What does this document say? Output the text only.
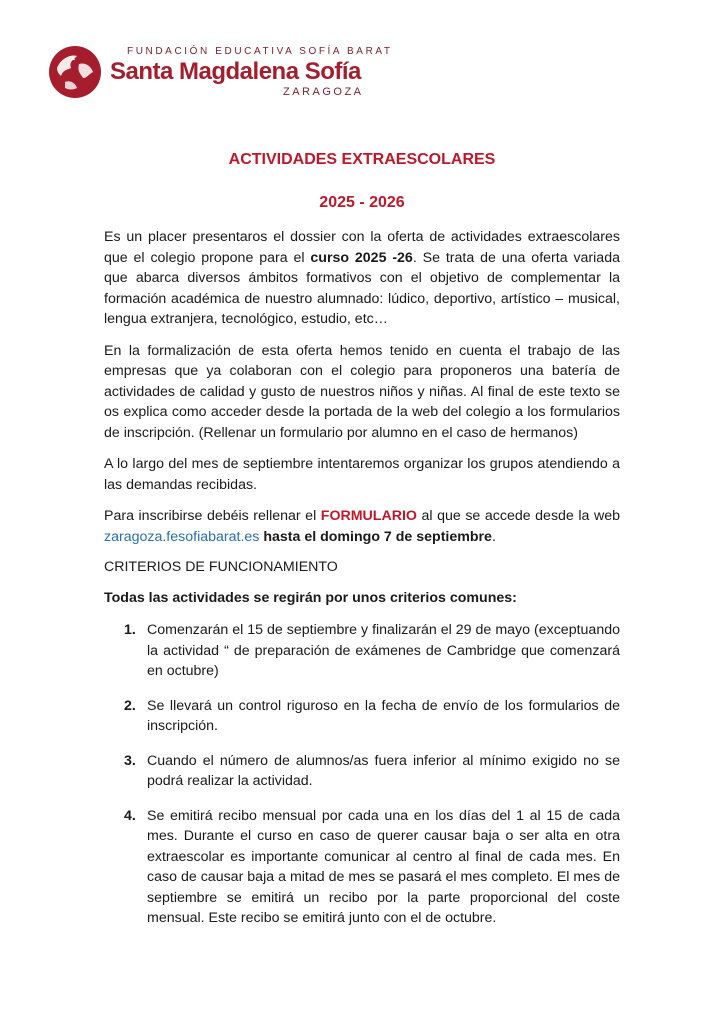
FUNDACIÓN EDUCATIVA SOFÍA BARAT
Santa Magdalena Sofía
ZARAGOZA
ACTIVIDADES EXTRAESCOLARES
2025 - 2026

Es un placer presentaros el dossier con la oferta de actividades extraescolares que el colegio propone para el curso 2025 -26. Se trata de una oferta variada que abarca diversos ámbitos formativos con el objetivo de complementar la formación académica de nuestro alumnado: lúdico, deportivo, artístico – musical, lengua extranjera, tecnológico, estudio, etc…

En la formalización de esta oferta hemos tenido en cuenta el trabajo de las empresas que ya colaboran con el colegio para proponeros una batería de actividades de calidad y gusto de nuestros niños y niñas. Al final de este texto se os explica como acceder desde la portada de la web del colegio a los formularios de inscripción. (Rellenar un formulario por alumno en el caso de hermanos)

A lo largo del mes de septiembre intentaremos organizar los grupos atendiendo a las demandas recibidas.

Para inscribirse debéis rellenar el FORMULARIO al que se accede desde la web zaragoza.fesofiabarat.es hasta el domingo 7 de septiembre.

CRITERIOS DE FUNCIONAMIENTO

Todas las actividades se regirán por unos criterios comunes:

1. Comenzarán el 15 de septiembre y finalizarán el 29 de mayo (exceptuando la actividad “ de preparación de exámenes de Cambridge que comenzará en octubre)
2. Se llevará un control riguroso en la fecha de envío de los formularios de inscripción.
3. Cuando el número de alumnos/as fuera inferior al mínimo exigido no se podrá realizar la actividad.
4. Se emitirá recibo mensual por cada una en los días del 1 al 15 de cada mes. Durante el curso en caso de querer causar baja o ser alta en otra extraescolar es importante comunicar al centro al final de cada mes. En caso de causar baja a mitad de mes se pasará el mes completo. El mes de septiembre se emitirá un recibo por la parte proporcional del coste mensual. Este recibo se emitirá junto con el de octubre.
